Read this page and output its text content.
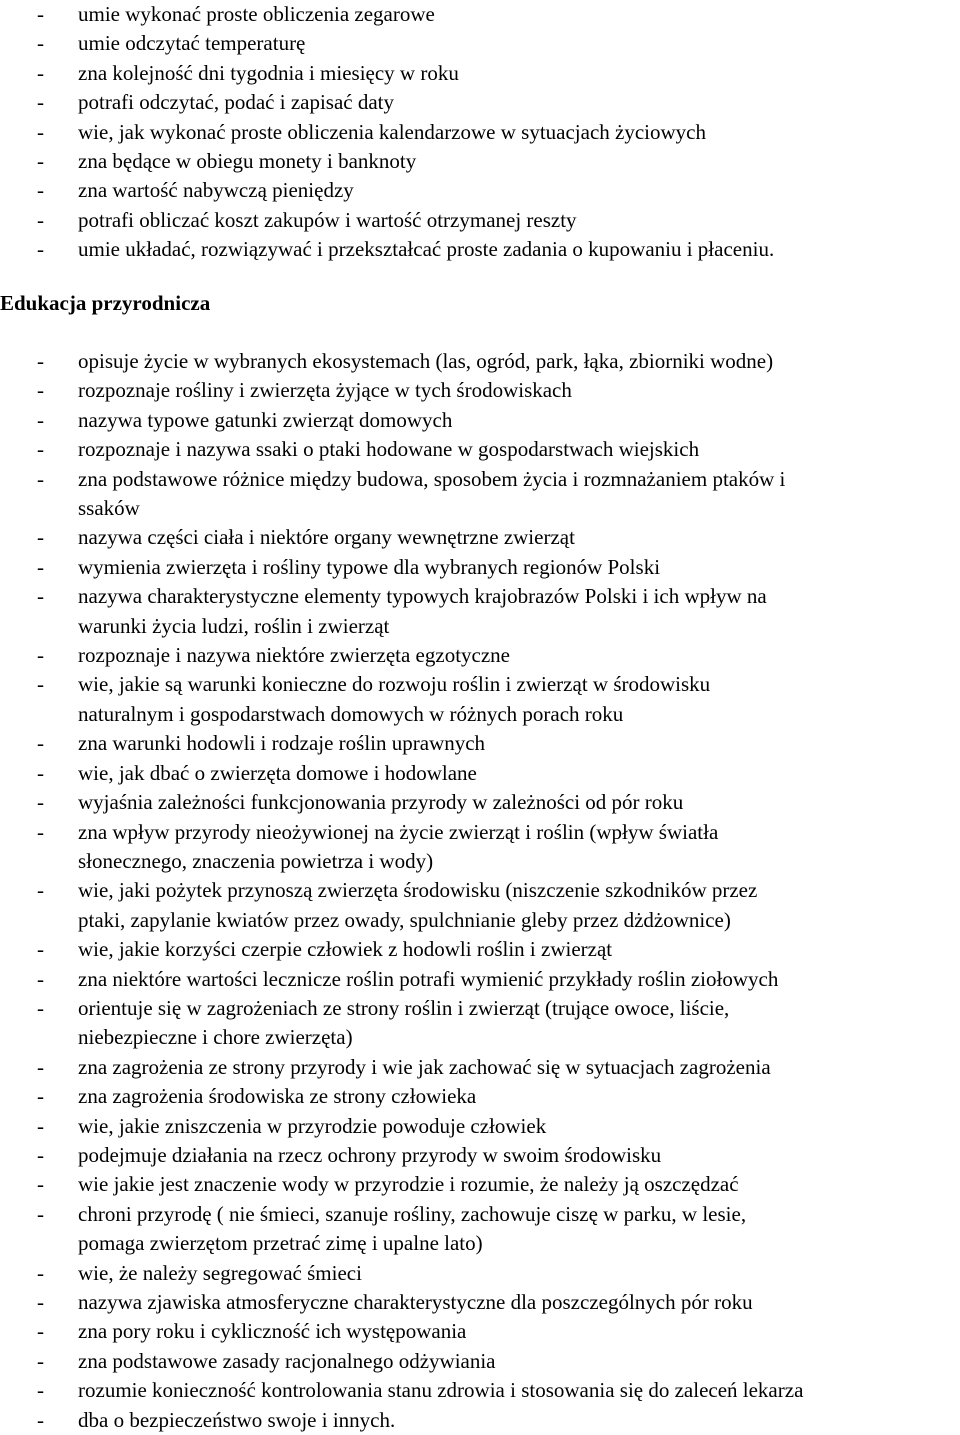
- umie wykonać proste obliczenia zegarowe
- umie odczytać temperaturę
- zna kolejność dni tygodnia i miesięcy w roku
- potrafi odczytać, podać i zapisać daty
- wie, jak wykonać proste obliczenia kalendarzowe w sytuacjach życiowych
- zna będące w obiegu monety i banknoty
- zna wartość nabywczą pieniędzy
- potrafi obliczać koszt zakupów i wartość otrzymanej reszty
- umie układać, rozwiązywać i przekształcać proste zadania o kupowaniu i płaceniu.
Edukacja przyrodnicza
- opisuje życie w wybranych ekosystemach (las, ogród, park, łąka, zbiorniki wodne)
- rozpoznaje rośliny i zwierzęta żyjące w tych środowiskach
- nazywa typowe gatunki zwierząt domowych
- rozpoznaje i nazywa ssaki o ptaki hodowane w gospodarstwach wiejskich
- zna podstawowe różnice między budowa, sposobem życia i rozmnażaniem ptaków i
ssaków
- nazywa części ciała i niektóre organy wewnętrzne zwierząt
- wymienia zwierzęta i rośliny typowe dla wybranych regionów Polski
- nazywa charakterystyczne elementy typowych krajobrazów Polski i ich wpływ na
warunki życia ludzi, roślin i zwierząt
- rozpoznaje i nazywa niektóre zwierzęta egzotyczne
- wie, jakie są warunki konieczne do rozwoju roślin i zwierząt w środowisku
naturalnym i gospodarstwach domowych w różnych porach roku
- zna warunki hodowli i rodzaje roślin uprawnych
- wie, jak dbać o zwierzęta domowe i hodowlane
- wyjaśnia zależności funkcjonowania przyrody w zależności od pór roku
- zna wpływ przyrody nieożywionej na życie zwierząt i roślin (wpływ światła
słonecznego, znaczenia powietrza i wody)
- wie, jaki pożytek przynoszą zwierzęta środowisku (niszczenie szkodników przez
ptaki, zapylanie kwiatów przez owady, spulchnianie gleby przez dżdżownice)
- wie, jakie korzyści czerpie człowiek z hodowli roślin i zwierząt
- zna niektóre wartości lecznicze roślin potrafi wymienić przykłady roślin ziołowych
- orientuje się w zagrożeniach ze strony roślin i zwierząt (trujące owoce, liście,
niebezpieczne i chore zwierzęta)
- zna zagrożenia ze strony przyrody i wie jak zachować się w sytuacjach zagrożenia
- zna zagrożenia środowiska ze strony człowieka
- wie, jakie zniszczenia w przyrodzie powoduje człowiek
- podejmuje działania na rzecz ochrony przyrody w swoim środowisku
- wie jakie jest znaczenie wody w przyrodzie i rozumie, że należy ją oszczędzać
- chroni przyrodę ( nie śmieci, szanuje rośliny, zachowuje ciszę w parku, w lesie,
pomaga zwierzętom przetrać zimę i upalne lato)
- wie, że należy segregować śmieci
- nazywa zjawiska atmosferyczne charakterystyczne dla poszczególnych pór roku
- zna pory roku i cykliczność ich występowania
- zna podstawowe zasady racjonalnego odżywiania
- rozumie konieczność kontrolowania stanu zdrowia i stosowania się do zaleceń lekarza
- dba o bezpieczeństwo swoje i innych.
